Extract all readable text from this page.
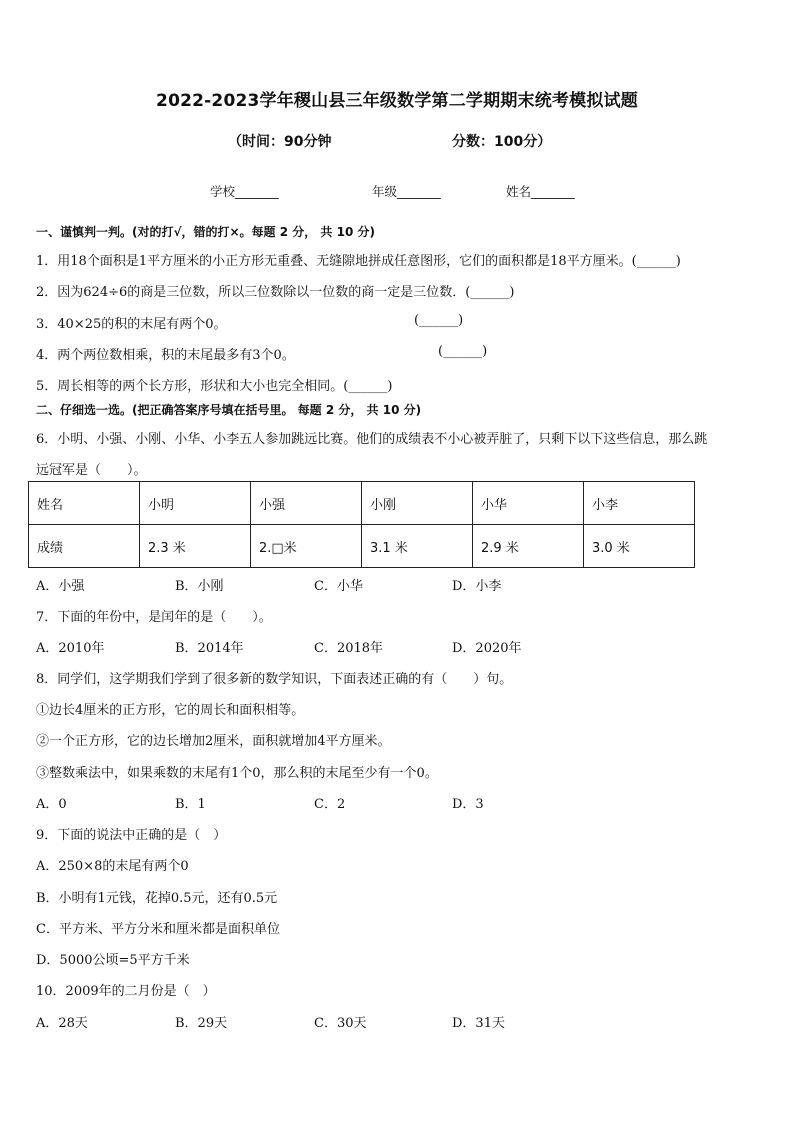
2022-2023学年稷山县三年级数学第二学期期末统考模拟试题
（时间：90分钟	分数：100分）
学校_______	年级_______	姓名_______
一、谨慎判一判。(对的打√，错的打×。每题 2 分， 共 10 分)
1．用18个面积是1平方厘米的小正方形无重叠、无缝隙地拼成任意图形，它们的面积都是18平方厘米。(______)
2．因为624÷6的商是三位数，所以三位数除以一位数的商一定是三位数．(______)
3．40×25的积的末尾有两个0。	(______)
4．两个两位数相乘，积的末尾最多有3个0。	(______)
5．周长相等的两个长方形，形状和大小也完全相同。(______)
二、仔细选一选。(把正确答案序号填在括号里。 每题 2 分， 共 10 分)
6．小明、小强、小刚、小华、小李五人参加跳远比赛。他们的成绩表不小心被弄脏了，只剩下以下这些信息，那么跳
远冠军是（　　）。
姓名	小明	小强	小刚	小华	小李
成绩	2.3 米	2.□米	3.1 米	2.9 米	3.0 米
A．小强	B．小刚	C．小华	D．小李
7．下面的年份中，是闰年的是（　　）。
A．2010年	B．2014年	C．2018年	D．2020年
8．同学们，这学期我们学到了很多新的数学知识，下面表述正确的有（　　）句。
①边长4厘米的正方形，它的周长和面积相等。
②一个正方形，它的边长增加2厘米，面积就增加4平方厘米。
③整数乘法中，如果乘数的末尾有1个0，那么积的末尾至少有一个0。
A．0	B．1	C．2	D．3
9．下面的说法中正确的是（　）
A．250×8的末尾有两个0
B．小明有1元钱，花掉0.5元，还有0.5元
C．平方米、平方分米和厘米都是面积单位
D．5000公顷=5平方千米
10．2009年的二月份是（　）
A．28天	B．29天	C．30天	D．31天
